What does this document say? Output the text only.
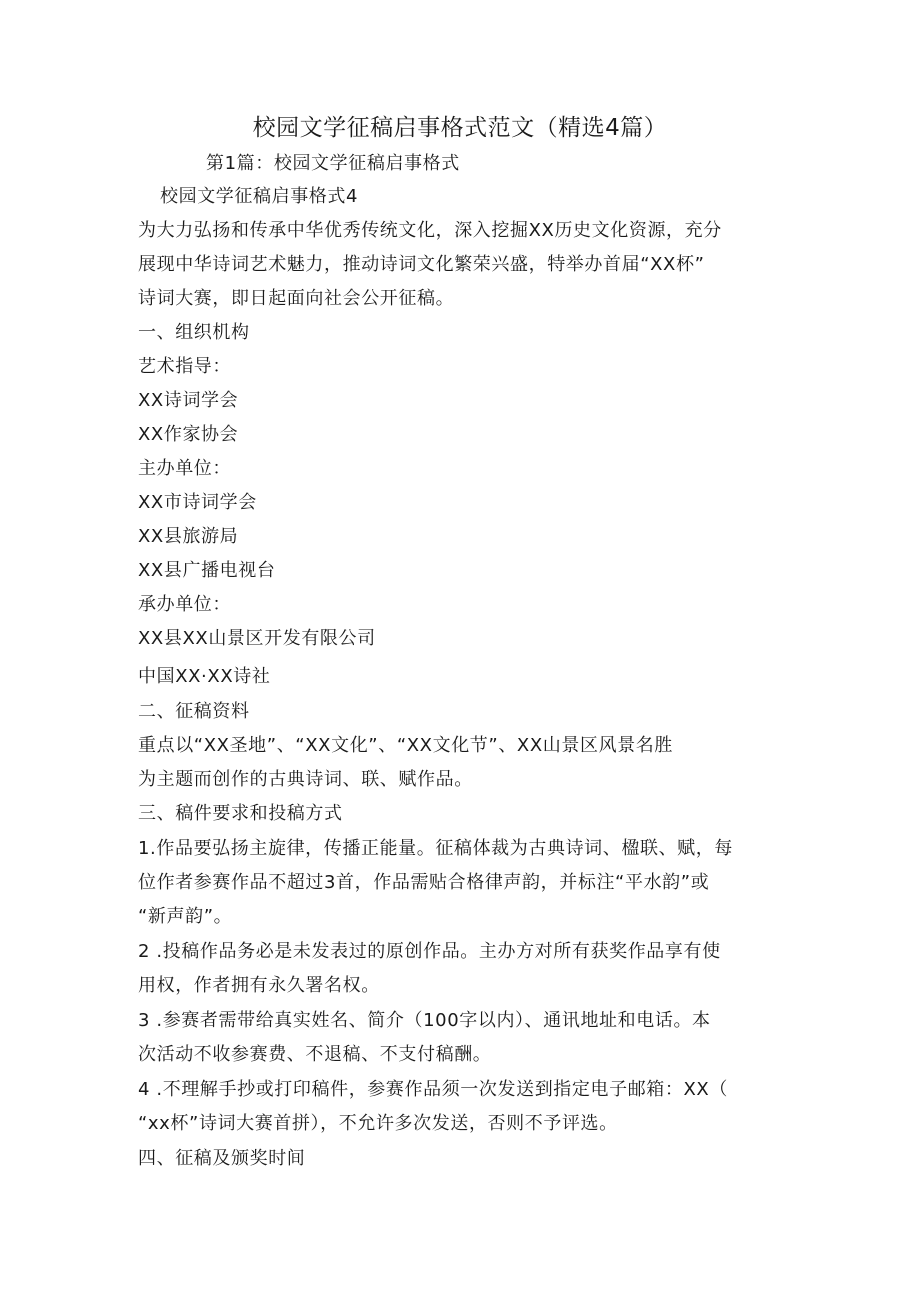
校园文学征稿启事格式范文（精选4篇）
第1篇：校园文学征稿启事格式
校园文学征稿启事格式4
为大力弘扬和传承中华优秀传统文化，深入挖掘XX历史文化资源，充分
展现中华诗词艺术魅力，推动诗词文化繁荣兴盛，特举办首届“XX杯”
诗词大赛，即日起面向社会公开征稿。
一、组织机构
艺术指导：
XX诗词学会
XX作家协会
主办单位：
XX市诗词学会
XX县旅游局
XX县广播电视台
承办单位：
XX县XX山景区开发有限公司
中国XX·XX诗社
二、征稿资料
重点以“XX圣地”、“XX文化”、“XX文化节”、XX山景区风景名胜
为主题而创作的古典诗词、联、赋作品。
三、稿件要求和投稿方式
1.作品要弘扬主旋律，传播正能量。征稿体裁为古典诗词、楹联、赋，每
位作者参赛作品不超过3首，作品需贴合格律声韵，并标注“平水韵”或
“新声韵”。
2 .投稿作品务必是未发表过的原创作品。主办方对所有获奖作品享有使
用权，作者拥有永久署名权。
3 .参赛者需带给真实姓名、简介（100字以内）、通讯地址和电话。本
次活动不收参赛费、不退稿、不支付稿酬。
4 .不理解手抄或打印稿件，参赛作品须一次发送到指定电子邮箱：XX（
“xx杯”诗词大赛首拼），不允许多次发送，否则不予评选。
四、征稿及颁奖时间
